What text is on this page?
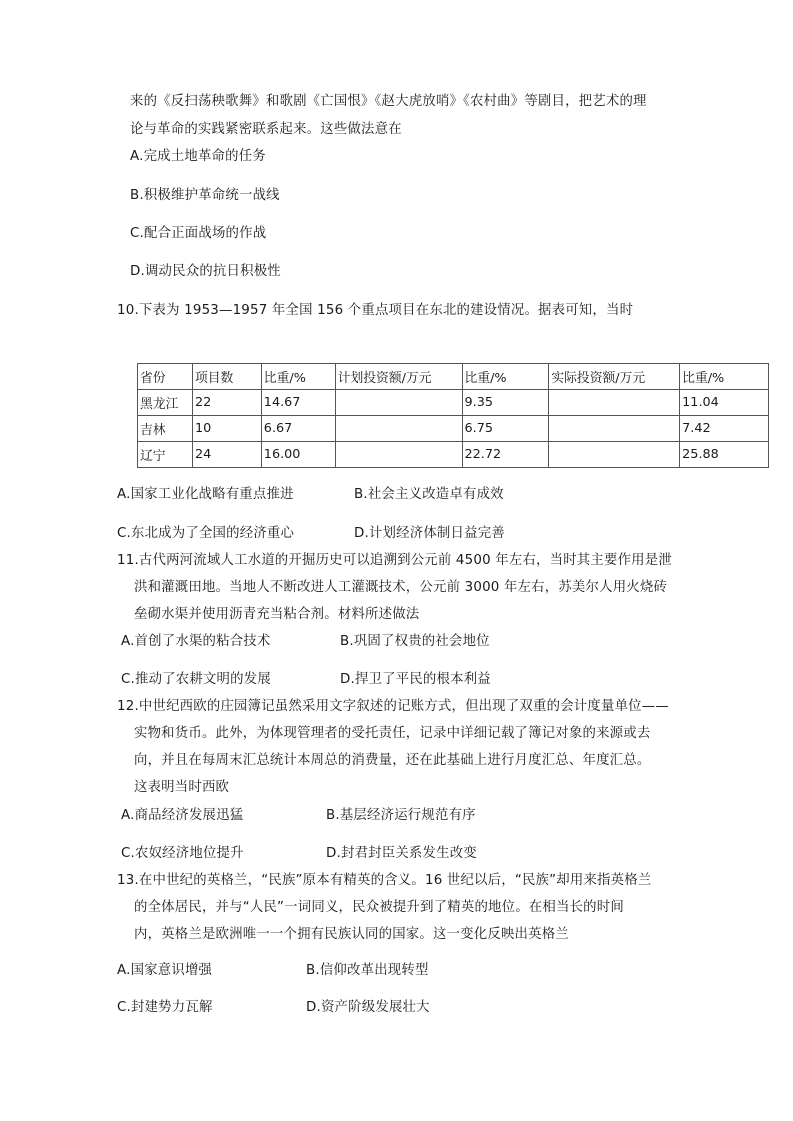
来的《反扫荡秧歌舞》和歌剧《亡国恨》《赵大虎放哨》《农村曲》等剧目，把艺术的理
论与革命的实践紧密联系起来。这些做法意在
A.完成土地革命的任务
B.积极维护革命统一战线
C.配合正面战场的作战
D.调动民众的抗日积极性
10.下表为 1953—1957 年全国 156 个重点项目在东北的建设情况。据表可知，当时
省份	项目数	比重/%	计划投资额/万元	比重/%	实际投资额/万元	比重/%
黑龙江	22	14.67		9.35		11.04
吉林	10	6.67		6.75		7.42
辽宁	24	16.00		22.72		25.88
A.国家工业化战略有重点推进	B.社会主义改造卓有成效
C.东北成为了全国的经济重心	D.计划经济体制日益完善
11.古代两河流域人工水道的开掘历史可以追溯到公元前 4500 年左右，当时其主要作用是泄
洪和灌溉田地。当地人不断改进人工灌溉技术，公元前 3000 年左右，苏美尔人用火烧砖
垒砌水渠并使用沥青充当粘合剂。材料所述做法
A.首创了水渠的粘合技术	B.巩固了权贵的社会地位
C.推动了农耕文明的发展	D.捍卫了平民的根本利益
12.中世纪西欧的庄园簿记虽然采用文字叙述的记账方式，但出现了双重的会计度量单位——
实物和货币。此外，为体现管理者的受托责任，记录中详细记载了簿记对象的来源或去
向，并且在每周末汇总统计本周总的消费量，还在此基础上进行月度汇总、年度汇总。
这表明当时西欧
A.商品经济发展迅猛	B.基层经济运行规范有序
C.农奴经济地位提升	D.封君封臣关系发生改变
13.在中世纪的英格兰，“民族”原本有精英的含义。16 世纪以后，“民族”却用来指英格兰
的全体居民，并与“人民”一词同义，民众被提升到了精英的地位。在相当长的时间
内，英格兰是欧洲唯一一个拥有民族认同的国家。这一变化反映出英格兰
A.国家意识增强	B.信仰改革出现转型
C.封建势力瓦解	D.资产阶级发展壮大
